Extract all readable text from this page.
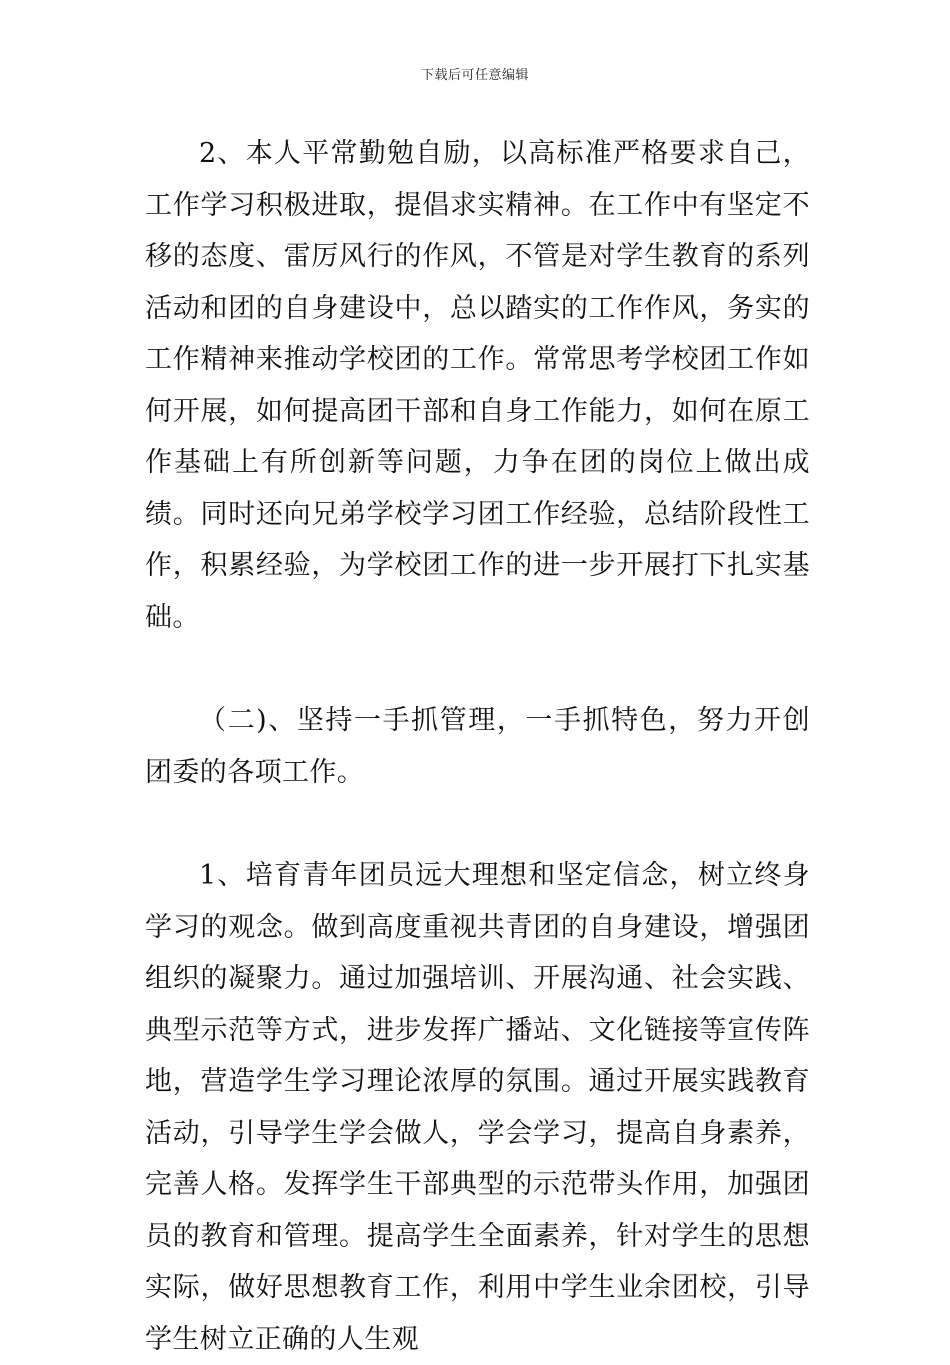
下载后可任意编辑

2、本人平常勤勉自励，以高标准严格要求自己，工作学习积极进取，提倡求实精神。在工作中有坚定不移的态度、雷厉风行的作风，不管是对学生教育的系列活动和团的自身建设中，总以踏实的工作作风，务实的工作精神来推动学校团的工作。常常思考学校团工作如何开展，如何提高团干部和自身工作能力，如何在原工作基础上有所创新等问题，力争在团的岗位上做出成绩。同时还向兄弟学校学习团工作经验，总结阶段性工作，积累经验，为学校团工作的进一步开展打下扎实基础。

（二)、坚持一手抓管理，一手抓特色，努力开创团委的各项工作。

1、培育青年团员远大理想和坚定信念，树立终身学习的观念。做到高度重视共青团的自身建设，增强团组织的凝聚力。通过加强培训、开展沟通、社会实践、典型示范等方式，进步发挥广播站、文化链接等宣传阵地，营造学生学习理论浓厚的氛围。通过开展实践教育活动，引导学生学会做人，学会学习，提高自身素养，完善人格。发挥学生干部典型的示范带头作用，加强团员的教育和管理。提高学生全面素养，针对学生的思想实际，做好思想教育工作，利用中学生业余团校，引导学生树立正确的人生观
